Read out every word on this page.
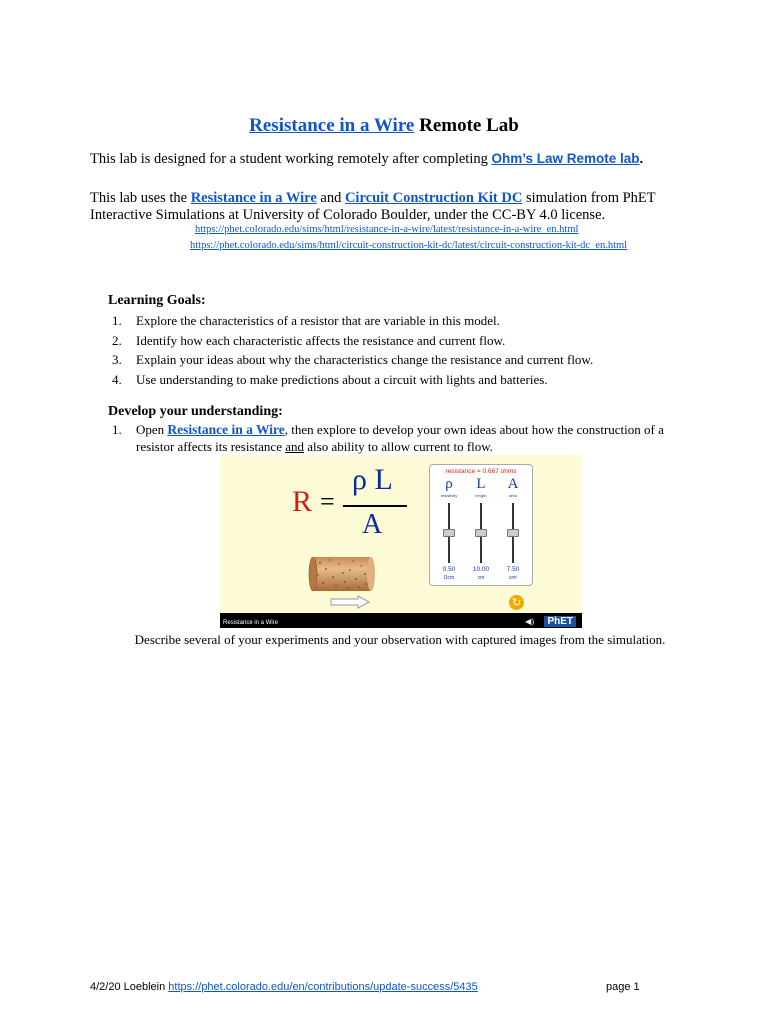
Resistance in a Wire Remote Lab
This lab is designed for a student working remotely after completing Ohm’s Law Remote lab.
This lab uses the Resistance in a Wire and Circuit Construction Kit DC simulation from PhET Interactive Simulations at University of Colorado Boulder, under the CC-BY 4.0 license.
https://phet.colorado.edu/sims/html/resistance-in-a-wire/latest/resistance-in-a-wire_en.html
https://phet.colorado.edu/sims/html/circuit-construction-kit-dc/latest/circuit-construction-kit-dc_en.html
Learning Goals:
1. Explore the characteristics of a resistor that are variable in this model.
2. Identify how each characteristic affects the resistance and current flow.
3. Explain your ideas about why the characteristics change the resistance and current flow.
4. Use understanding to make predictions about a circuit with lights and batteries.
Develop your understanding:
1. Open Resistance in a Wire, then explore to develop your own ideas about how the construction of a resistor affects its resistance and also ability to allow current to flow.
R =
ρ L
A
↻
resistance = 0.667 ohms
ρ
resistivity
0.50
Ωcm
L
length
10.00
cm
A
area
7.50
cm²
Resistance in a Wire	◀)	PhET
Describe several of your experiments and your observation with captured images from the simulation.
4/2/20 Loeblein https://phet.colorado.edu/en/contributions/update-success/5435	page 1
